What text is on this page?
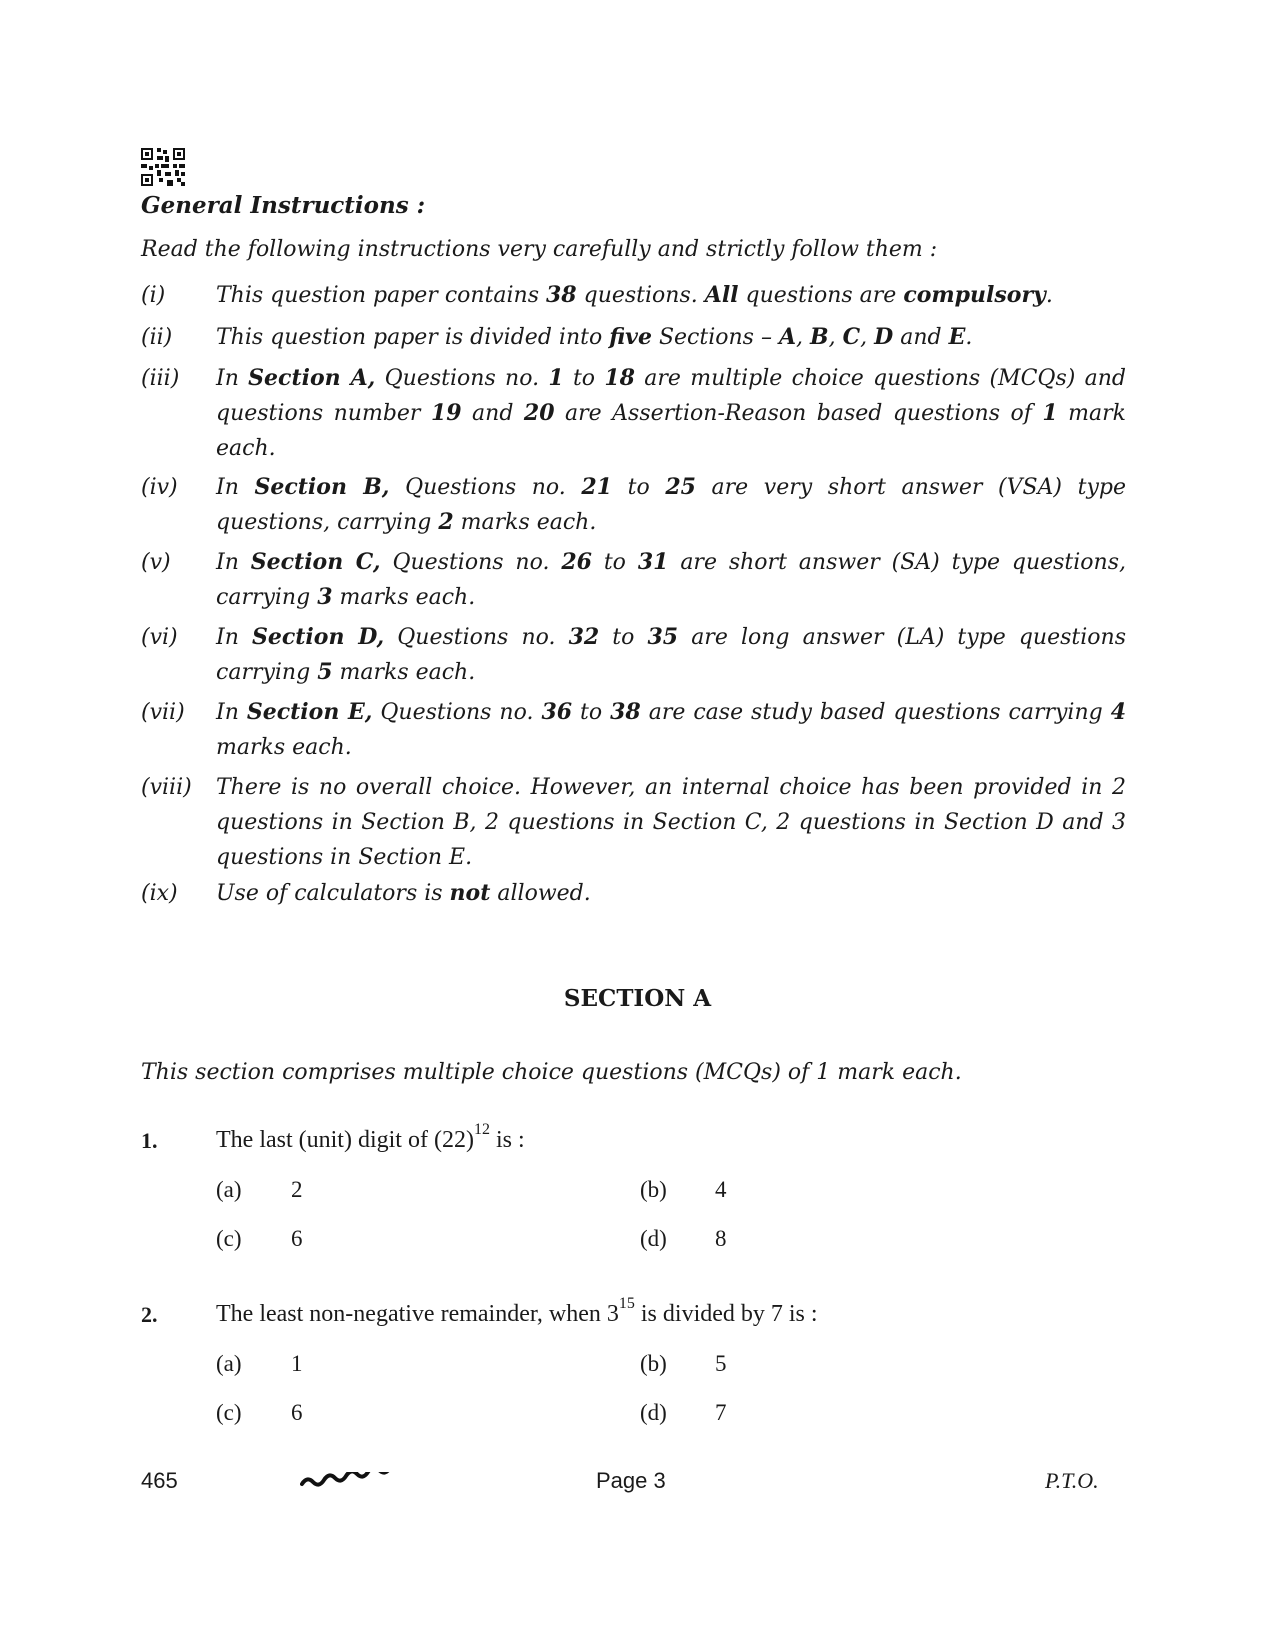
General Instructions :
Read the following instructions very carefully and strictly follow them :
(i) This question paper contains 38 questions. All questions are compulsory.
(ii) This question paper is divided into five Sections – A, B, C, D and E.
(iii) In Section A, Questions no. 1 to 18 are multiple choice questions (MCQs) and questions number 19 and 20 are Assertion-Reason based questions of 1 mark each.
(iv) In Section B, Questions no. 21 to 25 are very short answer (VSA) type questions, carrying 2 marks each.
(v) In Section C, Questions no. 26 to 31 are short answer (SA) type questions, carrying 3 marks each.
(vi) In Section D, Questions no. 32 to 35 are long answer (LA) type questions carrying 5 marks each.
(vii) In Section E, Questions no. 36 to 38 are case study based questions carrying 4 marks each.
(viii) There is no overall choice. However, an internal choice has been provided in 2 questions in Section B, 2 questions in Section C, 2 questions in Section D and 3 questions in Section E.
(ix) Use of calculators is not allowed.
SECTION A
This section comprises multiple choice questions (MCQs) of 1 mark each.
1. The last (unit) digit of $(22)^{12}$ is :
(a) 2	(b) 4
(c) 6	(d) 8
2. The least non-negative remainder, when $3^{15}$ is divided by 7 is :
(a) 1	(b) 5
(c) 6	(d) 7
465	Page 3	P.T.O.
